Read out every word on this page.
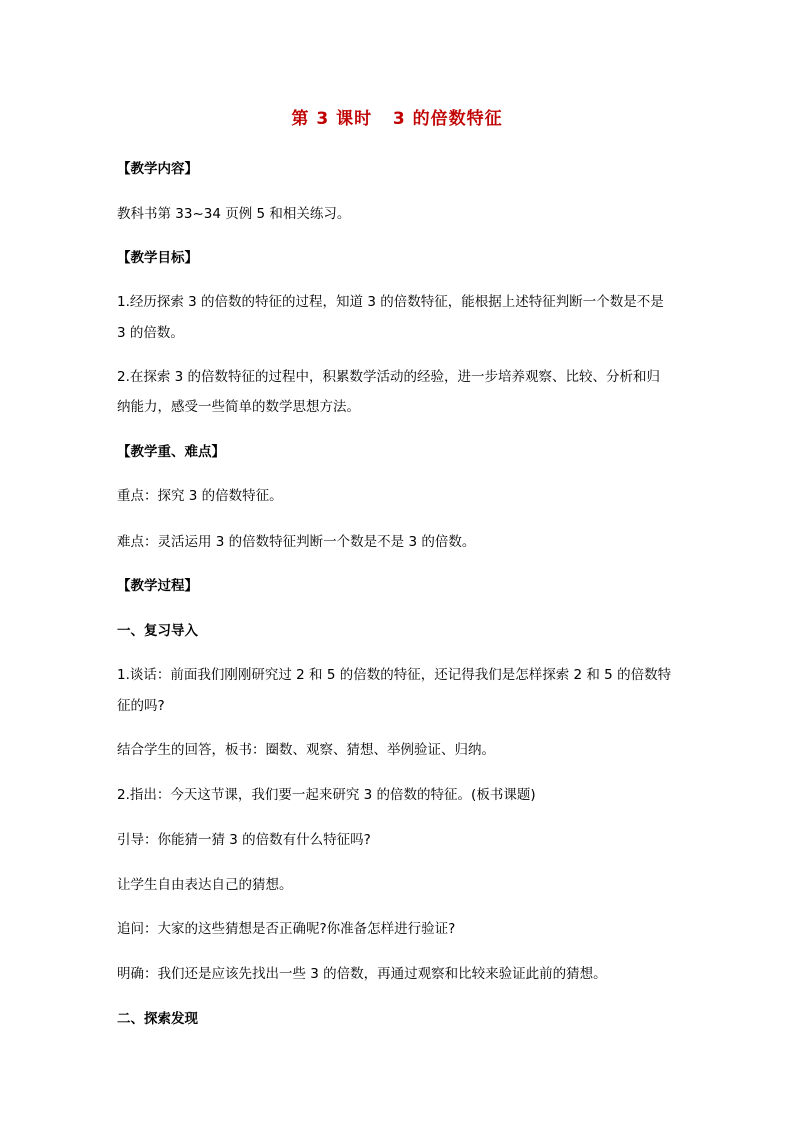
第 3 课时   3 的倍数特征
【教学内容】
教科书第 33~34 页例 5 和相关练习。
【教学目标】
1.经历探索 3 的倍数的特征的过程，知道 3 的倍数特征，能根据上述特征判断一个数是不是
3 的倍数。
2.在探索 3 的倍数特征的过程中，积累数学活动的经验，进一步培养观察、比较、分析和归
纳能力，感受一些简单的数学思想方法。
【教学重、难点】
重点：探究 3 的倍数特征。
难点：灵活运用 3 的倍数特征判断一个数是不是 3 的倍数。
【教学过程】
一、复习导入
1.谈话：前面我们刚刚研究过 2 和 5 的倍数的特征，还记得我们是怎样探索 2 和 5 的倍数特
征的吗?
结合学生的回答，板书：圈数、观察、猜想、举例验证、归纳。
2.指出：今天这节课，我们要一起来研究 3 的倍数的特征。(板书课题)
引导：你能猜一猜 3 的倍数有什么特征吗?
让学生自由表达自己的猜想。
追问：大家的这些猜想是否正确呢?你准备怎样进行验证?
明确：我们还是应该先找出一些 3 的倍数，再通过观察和比较来验证此前的猜想。
二、探索发现
